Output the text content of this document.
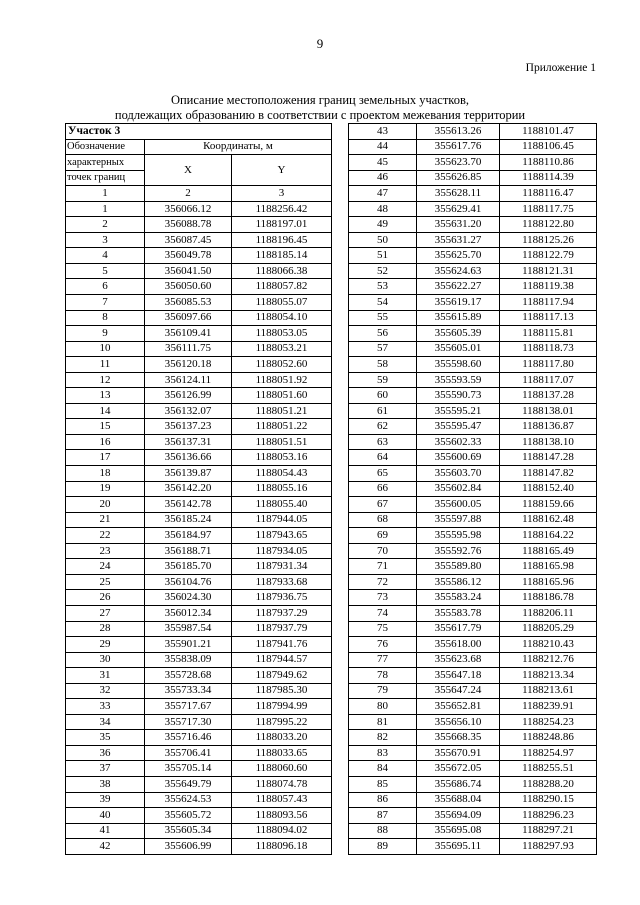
9
Приложение 1
Описание местоположения границ земельных участков,
подлежащих образованию в соответствии с проектом межевания территории
Участок 3		
Обозначение	Координаты, м	
характерных	X	Y
точек границ		
1	2	3
1	356066.12	1188256.42
2	356088.78	1188197.01
3	356087.45	1188196.45
4	356049.78	1188185.14
5	356041.50	1188066.38
6	356050.60	1188057.82
7	356085.53	1188055.07
8	356097.66	1188054.10
9	356109.41	1188053.05
10	356111.75	1188053.21
11	356120.18	1188052.60
12	356124.11	1188051.92
13	356126.99	1188051.60
14	356132.07	1188051.21
15	356137.23	1188051.22
16	356137.31	1188051.51
17	356136.66	1188053.16
18	356139.87	1188054.43
19	356142.20	1188055.16
20	356142.78	1188055.40
21	356185.24	1187944.05
22	356184.97	1187943.65
23	356188.71	1187934.05
24	356185.70	1187931.34
25	356104.76	1187933.68
26	356024.30	1187936.75
27	356012.34	1187937.29
28	355987.54	1187937.79
29	355901.21	1187941.76
30	355838.09	1187944.57
31	355728.68	1187949.62
32	355733.34	1187985.30
33	355717.67	1187994.99
34	355717.30	1187995.22
35	355716.46	1188033.20
36	355706.41	1188033.65
37	355705.14	1188060.60
38	355649.79	1188074.78
39	355624.53	1188057.43
40	355605.72	1188093.56
41	355605.34	1188094.02
42	355606.99	1188096.18
43	355613.26	1188101.47
44	355617.76	1188106.45
45	355623.70	1188110.86
46	355626.85	1188114.39
47	355628.11	1188116.47
48	355629.41	1188117.75
49	355631.20	1188122.80
50	355631.27	1188125.26
51	355625.70	1188122.79
52	355624.63	1188121.31
53	355622.27	1188119.38
54	355619.17	1188117.94
55	355615.89	1188117.13
56	355605.39	1188115.81
57	355605.01	1188118.73
58	355598.60	1188117.80
59	355593.59	1188117.07
60	355590.73	1188137.28
61	355595.21	1188138.01
62	355595.47	1188136.87
63	355602.33	1188138.10
64	355600.69	1188147.28
65	355603.70	1188147.82
66	355602.84	1188152.40
67	355600.05	1188159.66
68	355597.88	1188162.48
69	355595.98	1188164.22
70	355592.76	1188165.49
71	355589.80	1188165.98
72	355586.12	1188165.96
73	355583.24	1188186.78
74	355583.78	1188206.11
75	355617.79	1188205.29
76	355618.00	1188210.43
77	355623.68	1188212.76
78	355647.18	1188213.34
79	355647.24	1188213.61
80	355652.81	1188239.91
81	355656.10	1188254.23
82	355668.35	1188248.86
83	355670.91	1188254.97
84	355672.05	1188255.51
85	355686.74	1188288.20
86	355688.04	1188290.15
87	355694.09	1188296.23
88	355695.08	1188297.21
89	355695.11	1188297.93
